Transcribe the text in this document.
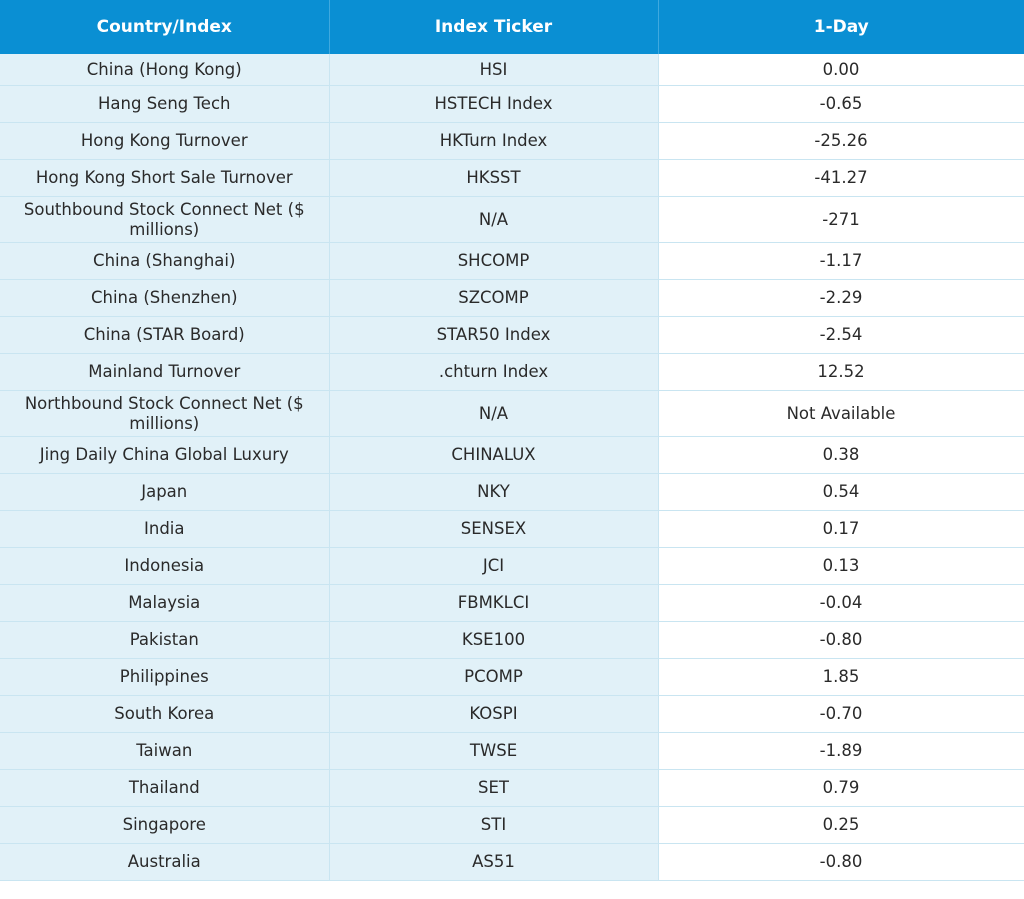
Country/Index	Index Ticker	1-Day
China (Hong Kong)	HSI	0.00
Hang Seng Tech	HSTECH Index	-0.65
Hong Kong Turnover	HKTurn Index	-25.26
Hong Kong Short Sale Turnover	HKSST	-41.27
Southbound Stock Connect Net ($ millions)	N/A	-271
China (Shanghai)	SHCOMP	-1.17
China (Shenzhen)	SZCOMP	-2.29
China (STAR Board)	STAR50 Index	-2.54
Mainland Turnover	.chturn Index	12.52
Northbound Stock Connect Net ($ millions)	N/A	Not Available
Jing Daily China Global Luxury	CHINALUX	0.38
Japan	NKY	0.54
India	SENSEX	0.17
Indonesia	JCI	0.13
Malaysia	FBMKLCI	-0.04
Pakistan	KSE100	-0.80
Philippines	PCOMP	1.85
South Korea	KOSPI	-0.70
Taiwan	TWSE	-1.89
Thailand	SET	0.79
Singapore	STI	0.25
Australia	AS51	-0.80
